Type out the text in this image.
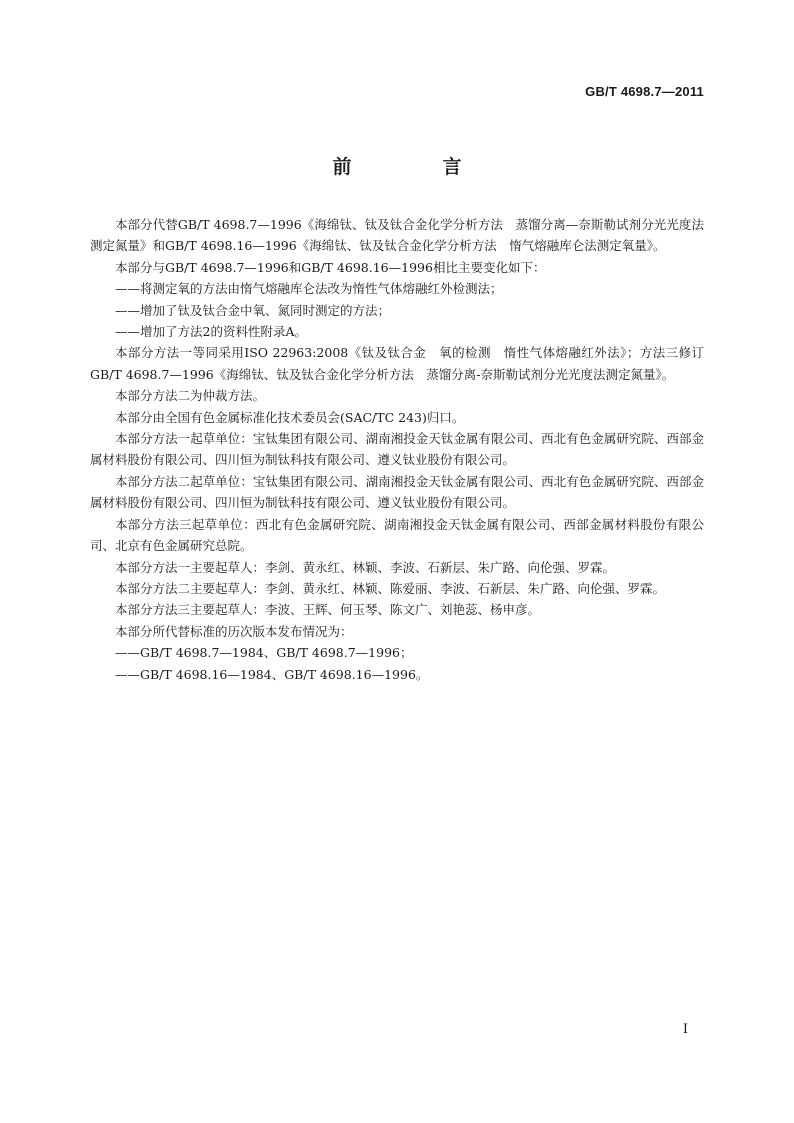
GB/T 4698.7—2011
前　言

本部分代替GB/T 4698.7—1996《海绵钛、钛及钛合金化学分析方法　蒸馏分离—奈斯勒试剂分光光度法测定氮量》和GB/T 4698.16—1996《海绵钛、钛及钛合金化学分析方法　惰气熔融库仑法测定氧量》。

本部分与GB/T 4698.7—1996和GB/T 4698.16—1996相比主要变化如下：

——将测定氧的方法由惰气熔融库仑法改为惰性气体熔融红外检测法；

——增加了钛及钛合金中氧、氮同时测定的方法；

——增加了方法2的资料性附录A。

本部分方法一等同采用ISO 22963:2008《钛及钛合金　氧的检测　惰性气体熔融红外法》；方法三修订GB/T 4698.7—1996《海绵钛、钛及钛合金化学分析方法　蒸馏分离-奈斯勒试剂分光光度法测定氮量》。

本部分方法二为仲裁方法。

本部分由全国有色金属标准化技术委员会(SAC/TC 243)归口。

本部分方法一起草单位：宝钛集团有限公司、湖南湘投金天钛金属有限公司、西北有色金属研究院、西部金属材料股份有限公司、四川恒为制钛科技有限公司、遵义钛业股份有限公司。

本部分方法二起草单位：宝钛集团有限公司、湖南湘投金天钛金属有限公司、西北有色金属研究院、西部金属材料股份有限公司、四川恒为制钛科技有限公司、遵义钛业股份有限公司。

本部分方法三起草单位：西北有色金属研究院、湖南湘投金天钛金属有限公司、西部金属材料股份有限公司、北京有色金属研究总院。

本部分方法一主要起草人：李剑、黄永红、林颖、李波、石新层、朱广路、向伦强、罗霖。

本部分方法二主要起草人：李剑、黄永红、林颖、陈爱丽、李波、石新层、朱广路、向伦强、罗霖。

本部分方法三主要起草人：李波、王辉、何玉琴、陈文广、刘艳蕊、杨申彦。

本部分所代替标准的历次版本发布情况为：

——GB/T 4698.7—1984、GB/T 4698.7—1996；

——GB/T 4698.16—1984、GB/T 4698.16—1996。

I
